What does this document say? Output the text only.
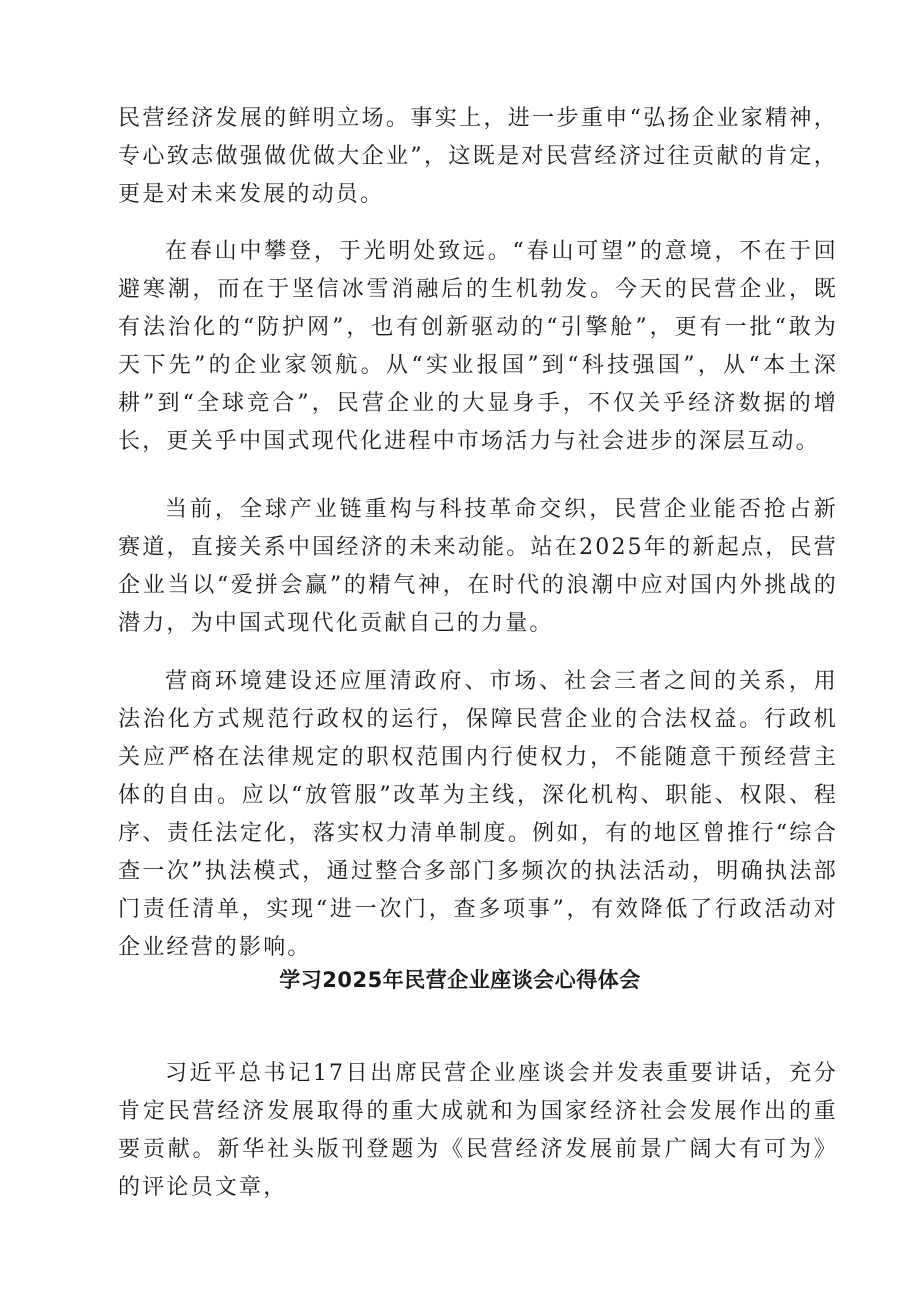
民营经济发展的鲜明立场。事实上，进一步重申“弘扬企业家精神，专心致志做强做优做大企业”，这既是对民营经济过往贡献的肯定，更是对未来发展的动员。

在春山中攀登，于光明处致远。“春山可望”的意境，不在于回避寒潮，而在于坚信冰雪消融后的生机勃发。今天的民营企业，既有法治化的“防护网”，也有创新驱动的“引擎舱”，更有一批“敢为天下先”的企业家领航。从“实业报国”到“科技强国”，从“本土深耕”到“全球竞合”，民营企业的大显身手，不仅关乎经济数据的增长，更关乎中国式现代化进程中市场活力与社会进步的深层互动。

当前，全球产业链重构与科技革命交织，民营企业能否抢占新赛道，直接关系中国经济的未来动能。站在2025年的新起点，民营企业当以“爱拼会赢”的精气神，在时代的浪潮中应对国内外挑战的潜力，为中国式现代化贡献自己的力量。

营商环境建设还应厘清政府、市场、社会三者之间的关系，用法治化方式规范行政权的运行，保障民营企业的合法权益。行政机关应严格在法律规定的职权范围内行使权力，不能随意干预经营主体的自由。应以“放管服”改革为主线，深化机构、职能、权限、程序、责任法定化，落实权力清单制度。例如，有的地区曾推行“综合查一次”执法模式，通过整合多部门多频次的执法活动，明确执法部门责任清单，实现“进一次门，查多项事”，有效降低了行政活动对企业经营的影响。

学习2025年民营企业座谈会心得体会

习近平总书记17日出席民营企业座谈会并发表重要讲话，充分肯定民营经济发展取得的重大成就和为国家经济社会发展作出的重要贡献。新华社头版刊登题为《民营经济发展前景广阔大有可为》的评论员文章，
